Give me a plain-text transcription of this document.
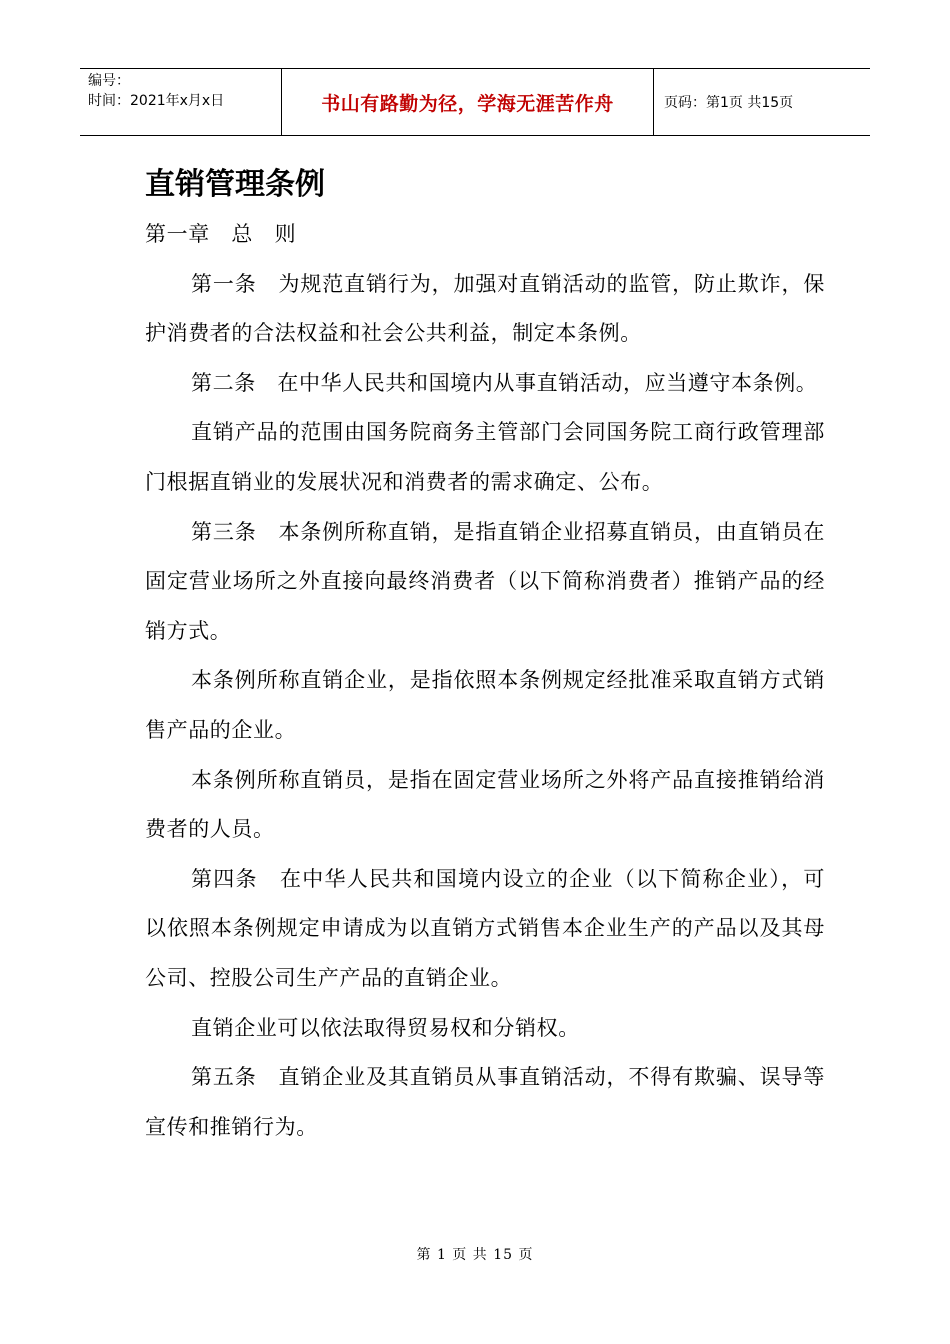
编号：
时间：2021年x月x日	书山有路勤为径，学海无涯苦作舟	页码：第1页 共15页
直销管理条例

第一章　总　则

第一条　为规范直销行为，加强对直销活动的监管，防止欺诈，保护消费者的合法权益和社会公共利益，制定本条例。

第二条　在中华人民共和国境内从事直销活动，应当遵守本条例。

直销产品的范围由国务院商务主管部门会同国务院工商行政管理部门根据直销业的发展状况和消费者的需求确定、公布。

第三条　本条例所称直销，是指直销企业招募直销员，由直销员在固定营业场所之外直接向最终消费者（以下简称消费者）推销产品的经销方式。

本条例所称直销企业，是指依照本条例规定经批准采取直销方式销售产品的企业。

本条例所称直销员，是指在固定营业场所之外将产品直接推销给消费者的人员。

第四条　在中华人民共和国境内设立的企业（以下简称企业），可以依照本条例规定申请成为以直销方式销售本企业生产的产品以及其母公司、控股公司生产产品的直销企业。

直销企业可以依法取得贸易权和分销权。

第五条　直销企业及其直销员从事直销活动，不得有欺骗、误导等宣传和推销行为。

第 1 页 共 15 页
